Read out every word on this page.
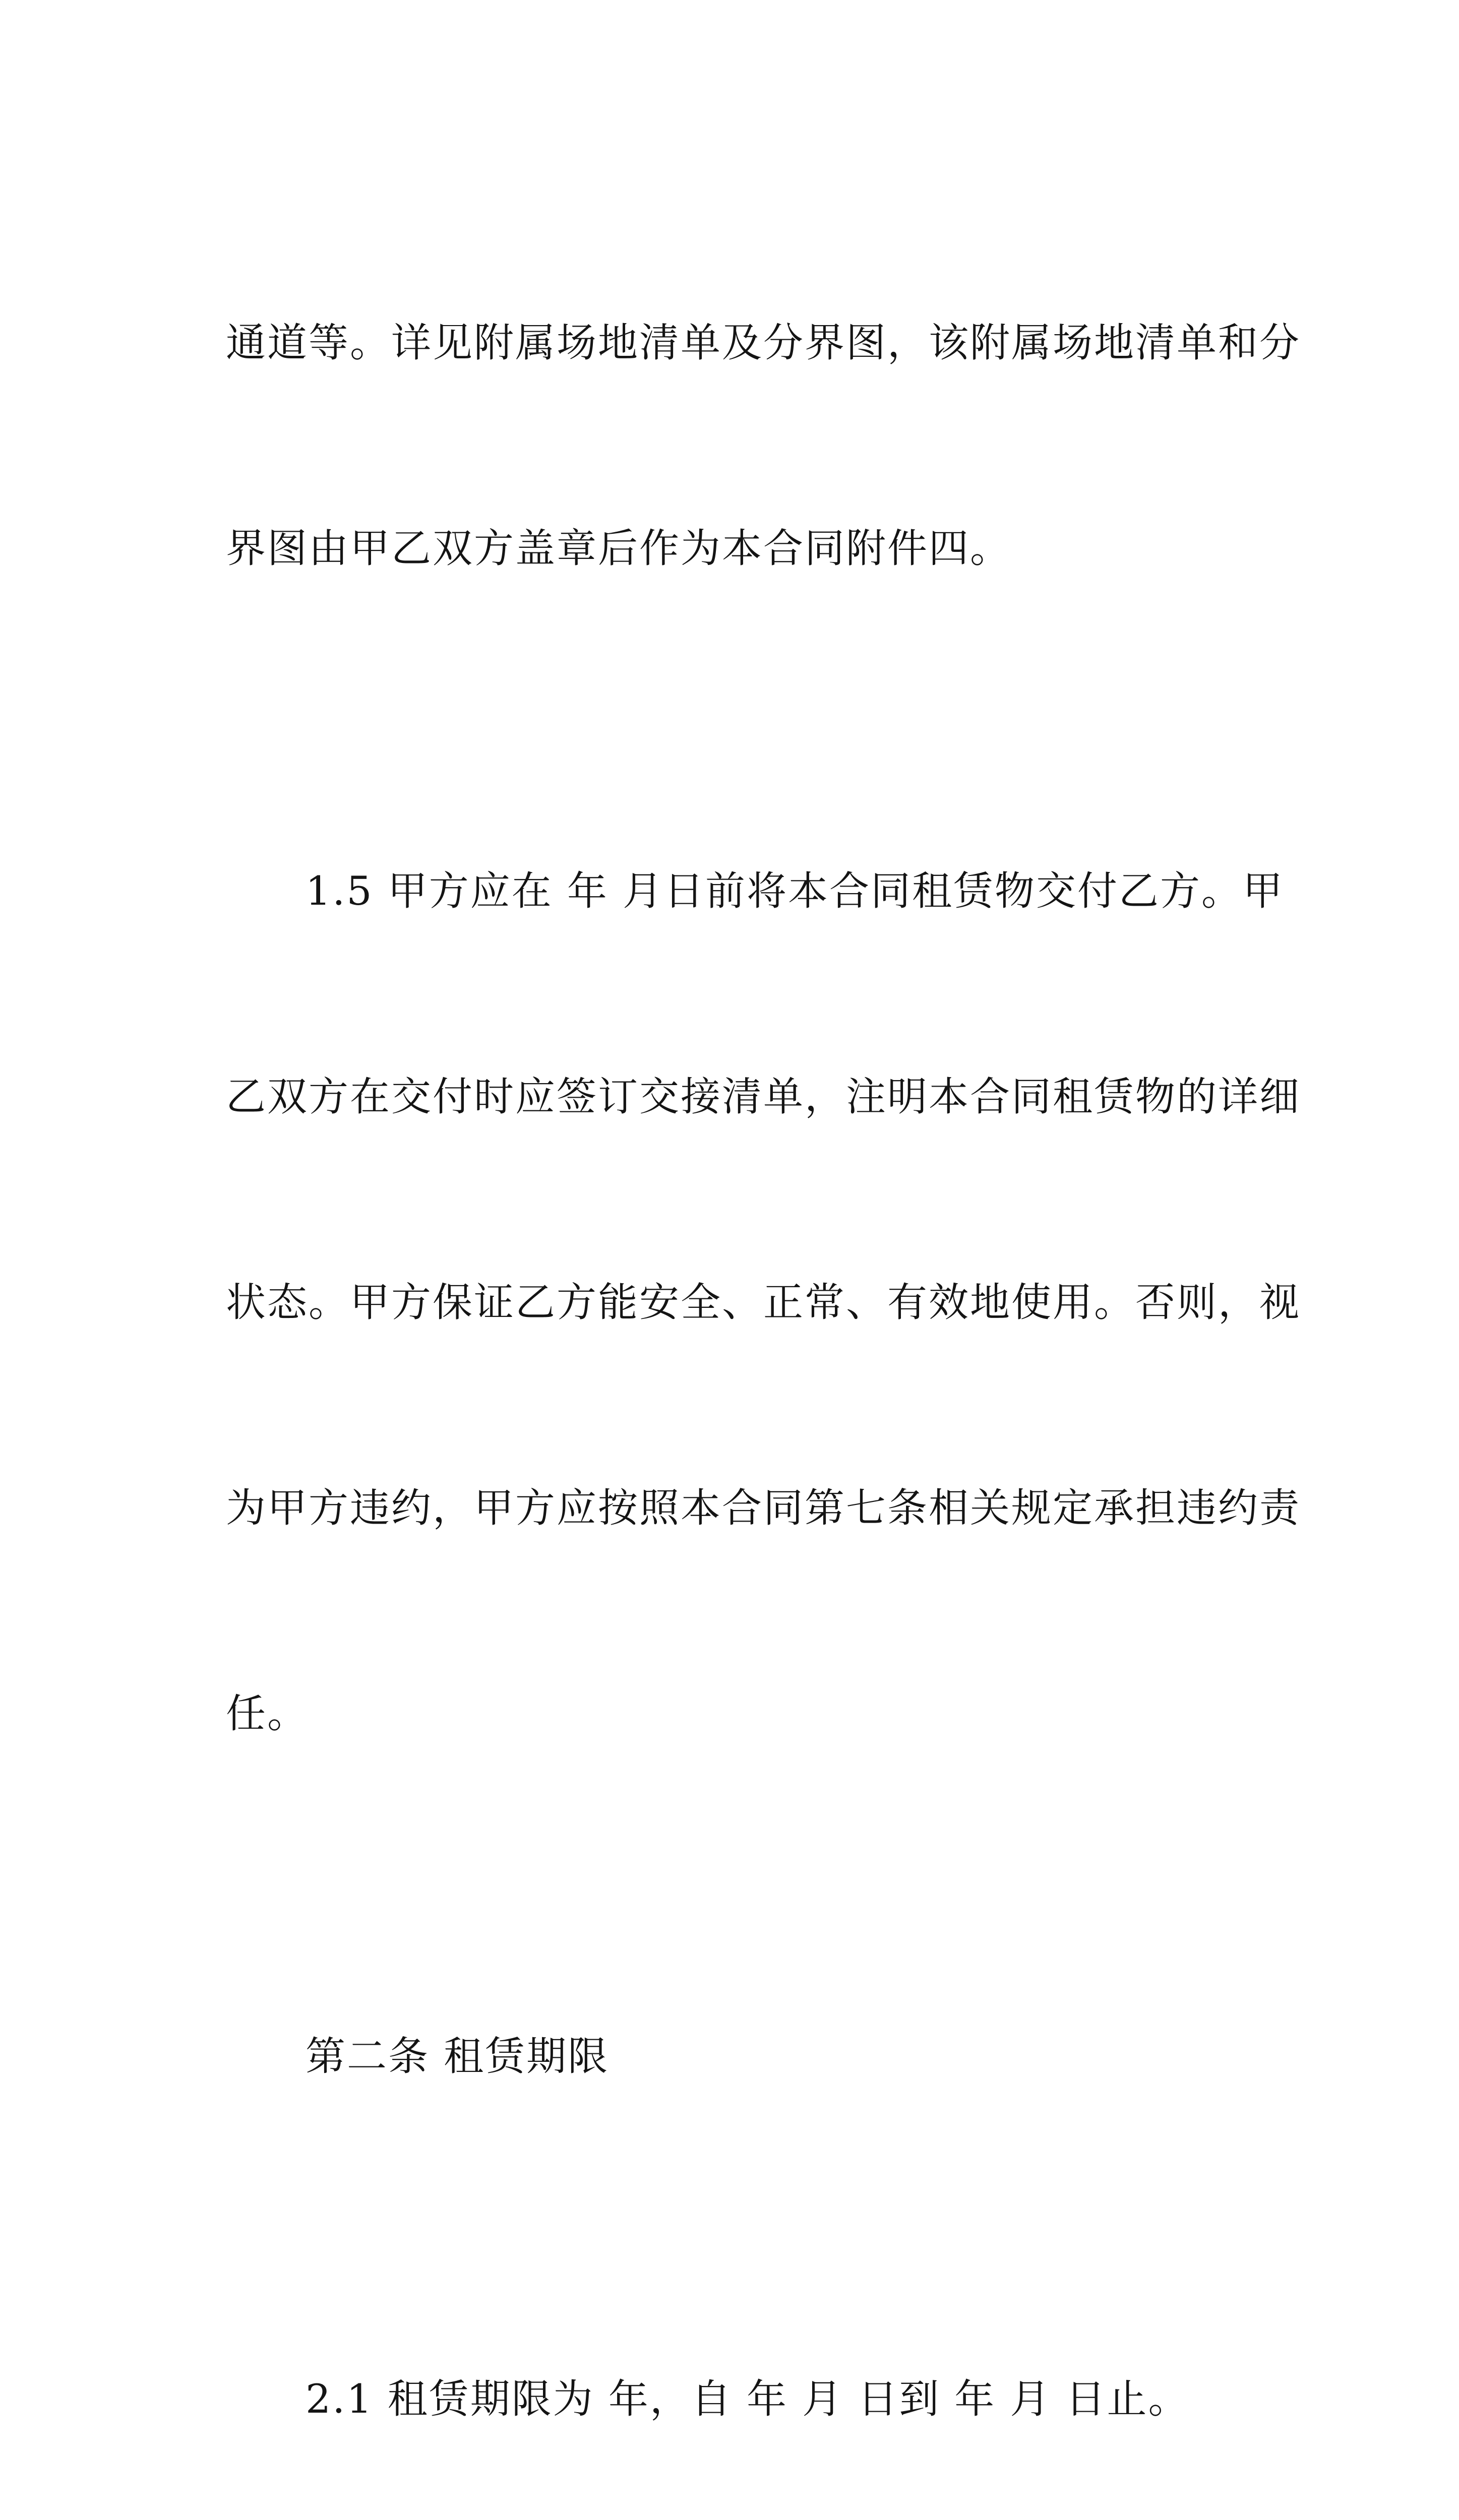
通道等。详见附属场地清单及分界图，该附属场地清单和分

界图由甲乙双方盖章后作为本合同附件四。

1.5 甲方应在 年 月日前将本合同租赁物交付乙方。甲

乙双方在交付时应签订交接清单，注明本合同租赁物的详细

状态。甲方保证乙方能安全、正常、有效地使用。否则，视

为甲方违约，甲方应按照本合同第七条相关规定承担违约责

任。

第二条 租赁期限

2.1 租赁期限为 年，自 年 月 日到 年 月 日止。
